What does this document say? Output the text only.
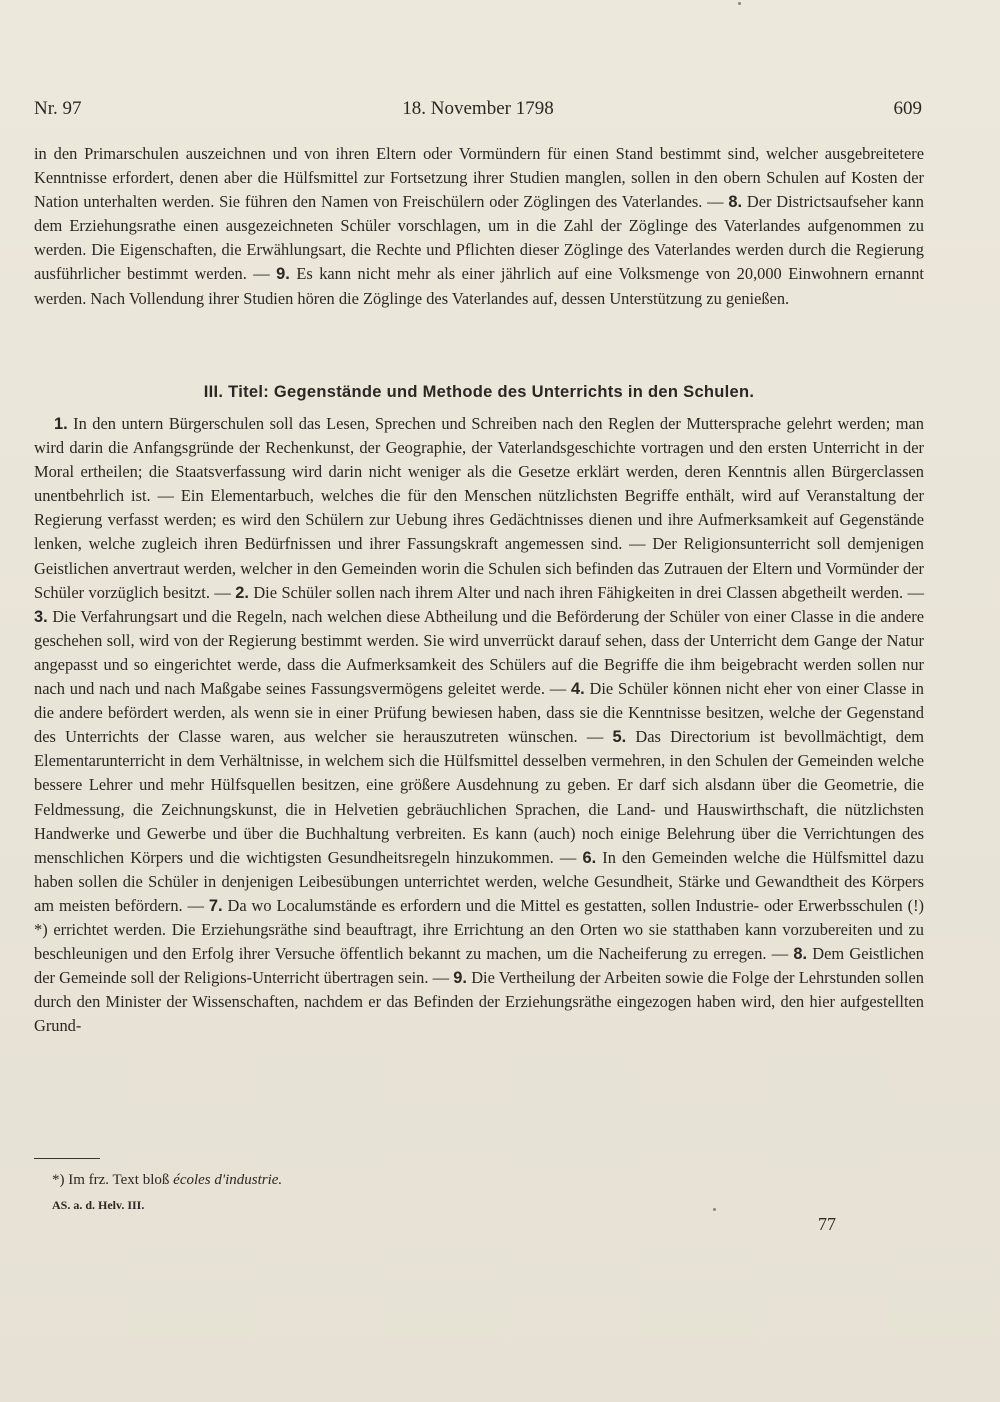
Nr. 97	18. November 1798	609

in den Primarschulen auszeichnen und von ihren Eltern oder Vormündern für einen Stand bestimmt sind, welcher ausgebreitetere Kenntnisse erfordert, denen aber die Hülfsmittel zur Fortsetzung ihrer Studien manglen, sollen in den obern Schulen auf Kosten der Nation unterhalten werden. Sie führen den Namen von Freischülern oder Zöglingen des Vaterlandes. — 8. Der Districtsaufseher kann dem Erziehungsrathe einen ausgezeichneten Schüler vorschlagen, um in die Zahl der Zöglinge des Vaterlandes aufgenommen zu werden. Die Eigenschaften, die Erwählungsart, die Rechte und Pflichten dieser Zöglinge des Vaterlandes werden durch die Regierung ausführlicher bestimmt werden. — 9. Es kann nicht mehr als einer jährlich auf eine Volksmenge von 20,000 Einwohnern ernannt werden. Nach Vollendung ihrer Studien hören die Zöglinge des Vaterlandes auf, dessen Unterstützung zu genießen.

III. Titel: Gegenstände und Methode des Unterrichts in den Schulen.

1. In den untern Bürgerschulen soll das Lesen, Sprechen und Schreiben nach den Reglen der Muttersprache gelehrt werden; man wird darin die Anfangsgründe der Rechenkunst, der Geographie, der Vaterlandsgeschichte vortragen und den ersten Unterricht in der Moral ertheilen; die Staatsverfassung wird darin nicht weniger als die Gesetze erklärt werden, deren Kenntnis allen Bürgerclassen unentbehrlich ist. — Ein Elementarbuch, welches die für den Menschen nützlichsten Begriffe enthält, wird auf Veranstaltung der Regierung verfasst werden; es wird den Schülern zur Uebung ihres Gedächtnisses dienen und ihre Aufmerksamkeit auf Gegenstände lenken, welche zugleich ihren Bedürfnissen und ihrer Fassungskraft angemessen sind. — Der Religionsunterricht soll demjenigen Geistlichen anvertraut werden, welcher in den Gemeinden worin die Schulen sich befinden das Zutrauen der Eltern und Vormünder der Schüler vorzüglich besitzt. — 2. Die Schüler sollen nach ihrem Alter und nach ihren Fähigkeiten in drei Classen abgetheilt werden. — 3. Die Verfahrungsart und die Regeln, nach welchen diese Abtheilung und die Beförderung der Schüler von einer Classe in die andere geschehen soll, wird von der Regierung bestimmt werden. Sie wird unverrückt darauf sehen, dass der Unterricht dem Gange der Natur angepasst und so eingerichtet werde, dass die Aufmerksamkeit des Schülers auf die Begriffe die ihm beigebracht werden sollen nur nach und nach und nach Maßgabe seines Fassungsvermögens geleitet werde. — 4. Die Schüler können nicht eher von einer Classe in die andere befördert werden, als wenn sie in einer Prüfung bewiesen haben, dass sie die Kenntnisse besitzen, welche der Gegenstand des Unterrichts der Classe waren, aus welcher sie herauszutreten wünschen. — 5. Das Directorium ist bevollmächtigt, dem Elementarunterricht in dem Verhältnisse, in welchem sich die Hülfsmittel desselben vermehren, in den Schulen der Gemeinden welche bessere Lehrer und mehr Hülfsquellen besitzen, eine größere Ausdehnung zu geben. Er darf sich alsdann über die Geometrie, die Feldmessung, die Zeichnungskunst, die in Helvetien gebräuchlichen Sprachen, die Land- und Hauswirthschaft, die nützlichsten Handwerke und Gewerbe und über die Buchhaltung verbreiten. Es kann (auch) noch einige Belehrung über die Verrichtungen des menschlichen Körpers und die wichtigsten Gesundheitsregeln hinzukommen. — 6. In den Gemeinden welche die Hülfsmittel dazu haben sollen die Schüler in denjenigen Leibesübungen unterrichtet werden, welche Gesundheit, Stärke und Gewandtheit des Körpers am meisten befördern. — 7. Da wo Localumstände es erfordern und die Mittel es gestatten, sollen Industrie- oder Erwerbsschulen (!) *) errichtet werden. Die Erziehungsräthe sind beauftragt, ihre Errichtung an den Orten wo sie statthaben kann vorzubereiten und zu beschleunigen und den Erfolg ihrer Versuche öffentlich bekannt zu machen, um die Nacheiferung zu erregen. — 8. Dem Geistlichen der Gemeinde soll der Religions-Unterricht übertragen sein. — 9. Die Vertheilung der Arbeiten sowie die Folge der Lehrstunden sollen durch den Minister der Wissenschaften, nachdem er das Befinden der Erziehungsräthe eingezogen haben wird, den hier aufgestellten Grund-

*) Im frz. Text bloß écoles d'industrie.
AS. a. d. Helv. III.
77
